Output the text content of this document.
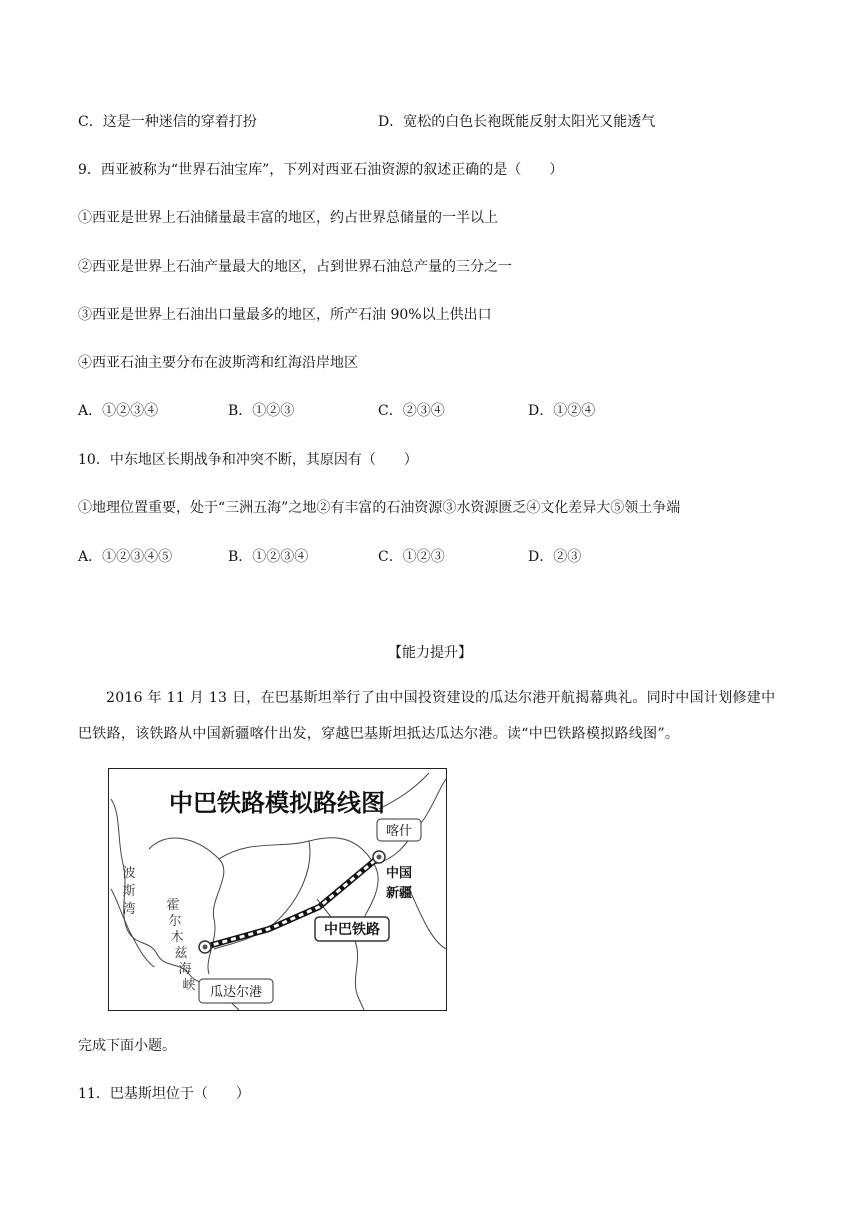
C．这是一种迷信的穿着打扮	D．宽松的白色长袍既能反射太阳光又能透气
9．西亚被称为“世界石油宝库”，下列对西亚石油资源的叙述正确的是（　　）
①西亚是世界上石油储量最丰富的地区，约占世界总储量的一半以上
②西亚是世界上石油产量最大的地区，占到世界石油总产量的三分之一
③西亚是世界上石油出口量最多的地区，所产石油 90%以上供出口
④西亚石油主要分布在波斯湾和红海沿岸地区
A．①②③④	B．①②③	C．②③④	D．①②④
10．中东地区长期战争和冲突不断，其原因有（　　）
①地理位置重要，处于“三洲五海”之地②有丰富的石油资源③水资源匮乏④文化差异大⑤领土争端
A．①②③④⑤	B．①②③④	C．①②③	D．②③
【能力提升】
2016 年 11 月 13 日，在巴基斯坦举行了由中国投资建设的瓜达尔港开航揭幕典礼。同时中国计划修建中巴铁路，该铁路从中国新疆喀什出发，穿越巴基斯坦抵达瓜达尔港。读“中巴铁路模拟路线图”。
中巴铁路模拟路线图
喀什
中国
新疆
中巴铁路
瓜达尔港
波
斯
湾 霍
尔
木
兹
海
峡
完成下面小题。
11．巴基斯坦位于（　　）
